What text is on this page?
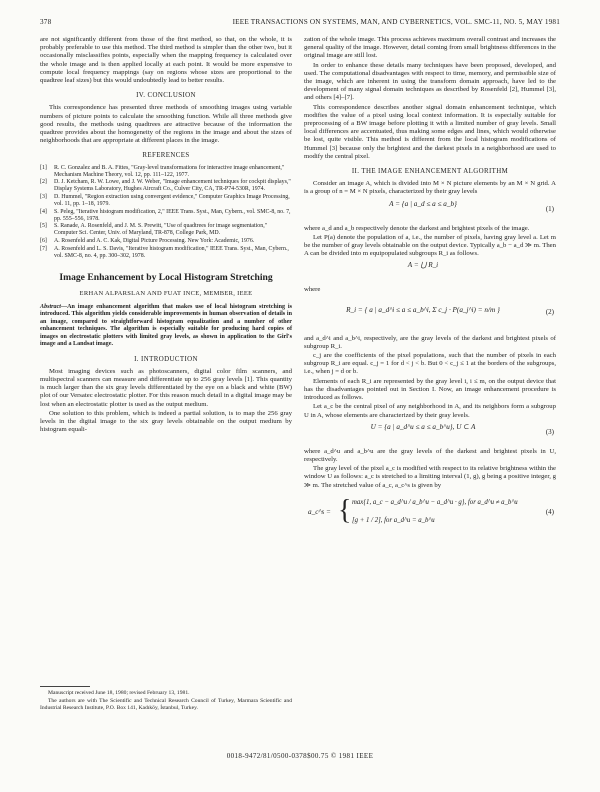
378	IEEE TRANSACTIONS ON SYSTEMS, MAN, AND CYBERNETICS, VOL. SMC-11, NO. 5, MAY 1981

are not significantly different from those of the first method, so that, on the whole, it is probably preferable to use this method. The third method is simpler than the other two, but it occasionally misclassifies points, especially when the mapping frequency is calculated over the whole image and is then applied locally at each point. It would be more expensive to compute local frequency mappings (say on regions whose sizes are proportional to the quadtree leaf sizes) but this would undoubtedly lead to better results.

IV. CONCLUSION

This correspondence has presented three methods of smoothing images using variable numbers of picture points to calculate the smoothing function. While all three methods give good results, the methods using quadtrees are attractive because of the information the quadtree provides about the homogeneity of the regions in the image and about the sizes of neighborhoods that are appropriate at different places in the image.

REFERENCES
[1] R. C. Gonzalez and B. A. Fittes, "Gray-level transformations for interactive image enhancement," Mechanism Machine Theory, vol. 12, pp. 111–122, 1977.
[2] D. J. Ketcham, R. W. Lowe, and J. W. Weber, "Image enhancement techniques for cockpit displays," Display Systems Laboratory, Hughes Aircraft Co., Culver City, CA, TR-P74-530R, 1974.
[3] D. Hummel, "Region extraction using convergent evidence," Computer Graphics Image Processing, vol. 11, pp. 1–18, 1979.
[4] S. Peleg, "Iterative histogram modification, 2," IEEE Trans. Syst., Man, Cybern., vol. SMC-8, no. 7, pp. 555–556, 1978.
[5] S. Ranade, A. Rosenfeld, and J. M. S. Prewitt, "Use of quadtrees for image segmentation," Computer Sci. Center, Univ. of Maryland, TR-878, College Park, MD.
[6] A. Rosenfeld and A. C. Kak, Digital Picture Processing. New York: Academic, 1976.
[7] A. Rosenfeld and L. S. Davis, "Iterative histogram modification," IEEE Trans. Syst., Man, Cybern., vol. SMC-8, no. 4, pp. 300–302, 1978.
Image Enhancement by Local Histogram Stretching
ERHAN ALPARSLAN AND FUAT INCE, MEMBER, IEEE
Abstract—An image enhancement algorithm that makes use of local histogram stretching is introduced. This algorithm yields considerable improvements in human observation of details in an image, compared to straightforward histogram equalization and a number of other enhancement techniques. The algorithm is especially suitable for producing hard copies of images on electrostatic plotters with limited gray levels, as shown in application to the Girl's image and a Landsat image.
I. INTRODUCTION

Most imaging devices such as photoscanners, digital color film scanners, and multispectral scanners can measure and differentiate up to 256 gray levels [1]. This quantity is much larger than the six gray levels differentiated by the eye on a black and white (BW) plot of our Versatec electrostatic plotter. For this reason much detail in a digital image may be lost when an electrostatic plotter is used as the output medium.

One solution to this problem, which is indeed a partial solution, is to map the 256 gray levels in the digital image to the six gray levels obtainable on the output medium by histogram equali-

Manuscript received June 18, 1980; revised February 13, 1981.

The authors are with The Scientific and Technical Research Council of Turkey, Marmara Scientific and Industrial Research Institute, P.O. Box 141, Kadıköy, İstanbul, Turkey.

zation of the whole image. This process achieves maximum overall contrast and increases the general quality of the image. However, detail coming from small brightness differences in the original image are still lost.

In order to enhance these details many techniques have been proposed, developed, and used. The computational disadvantages with respect to time, memory, and permissible size of the image, which are inherent in using the transform domain approach, have led to the development of many signal domain techniques as described by Rosenfeld [2], Hummel [3], and others [4]–[7].

This correspondence describes another signal domain enhancement technique, which modifies the value of a pixel using local context information. It is especially suitable for preprocessing of a BW image before plotting it with a limited number of gray levels. Small local differences are accentuated, thus making some edges and lines, which would otherwise be lost, quite visible. This method is different from the local histogram modifications of Hummel [3] because only the brightest and the darkest pixels in a neighborhood are used to modify the central pixel.

II. THE IMAGE ENHANCEMENT ALGORITHM

Consider an image A, which is divided into M × N picture elements by an M × N grid. A is a group of n = M × N pixels, characterized by their gray levels

A = {a | a_d ≤ a ≤ a_b}
(1)

where a_d and a_b respectively denote the darkest and brightest pixels of the image.

Let P(a) denote the population of a, i.e., the number of pixels, having gray level a. Let m be the number of gray levels obtainable on the output device. Typically a_b − a_d ≫ m. Then A can be divided into m equipopulated subgroups R_i as follows.

A = ⋃ R_i

where

R_i = { a | a_d^i ≤ a ≤ a_b^i, Σ c_j · P(a_j^i) = n/m }	(2)

and a_d^i and a_b^i, respectively, are the gray levels of the darkest and brightest pixels of subgroup R_i.

c_j are the coefficients of the pixel populations, such that the number of pixels in each subgroup R_i are equal. c_j = 1 for d < j < b. But 0 < c_j ≤ 1 at the borders of the subgroups, i.e., when j = d or b.

Elements of each R_i are represented by the gray level i, i ≤ m, on the output device that has the disadvantages pointed out in Section I. Now, an image enhancement procedure is introduced as follows.

Let a_c be the central pixel of any neighborhood in A, and its neighbors form a subgroup U in A, whose elements are characterized by their gray levels.

U = {a | a_d^u ≤ a ≤ a_b^u}, U ⊂ A
(3)

where a_d^u and a_b^u are the gray levels of the darkest and brightest pixels in U, respectively.

The gray level of the pixel a_c is modified with respect to its relative brightness within the window U as follows: a_c is stretched to a limiting interval (1, g), g being a positive integer, g ≫ m. The stretched value of a_c, a_c^s is given by

a_c^s = { max{1, a_c − a_d^u / a_b^u − a_d^u · g}, for a_d^u ≠ a_b^u
[g + 1 / 2], for a_d^u = a_b^u
(4)
0018-9472/81/0500-0378$00.75 © 1981 IEEE
